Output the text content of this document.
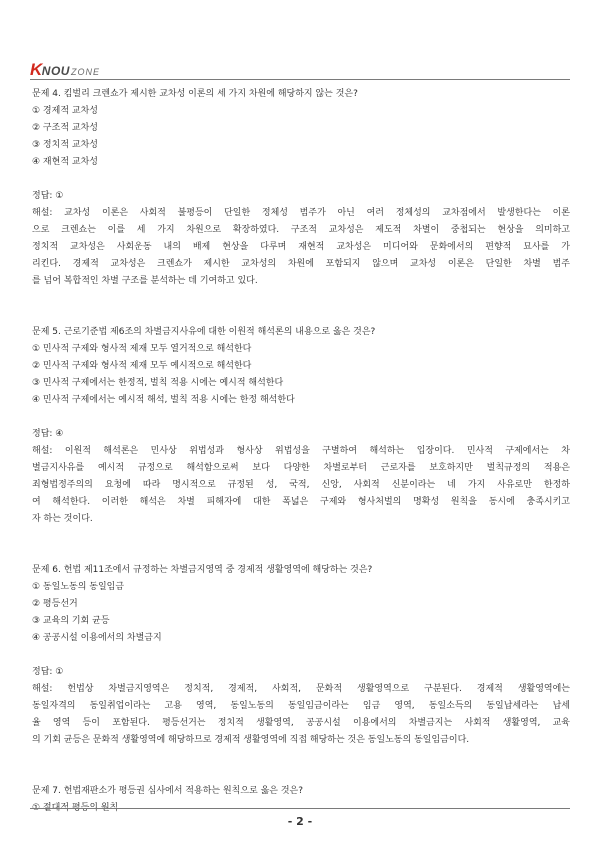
K NOU ZONE
문제 4. 킴벌리 크렌쇼가 제시한 교차성 이론의 세 가지 차원에 해당하지 않는 것은?
① 경제적 교차성
② 구조적 교차성
③ 정치적 교차성
④ 재현적 교차성
정답: ①
해설: 교차성 이론은 사회적 불평등이 단일한 정체성 범주가 아닌 여러 정체성의 교차점에서 발생한다는 이론
으로 크렌쇼는 이를 세 가지 차원으로 확장하였다. 구조적 교차성은 제도적 차별이 중첩되는 현상을 의미하고
정치적 교차성은 사회운동 내의 배제 현상을 다루며 재현적 교차성은 미디어와 문화에서의 편향적 묘사를 가
리킨다. 경제적 교차성은 크렌쇼가 제시한 교차성의 차원에 포함되지 않으며 교차성 이론은 단일한 차별 범주
를 넘어 복합적인 차별 구조를 분석하는 데 기여하고 있다.
문제 5. 근로기준법 제6조의 차별금지사유에 대한 이원적 해석론의 내용으로 옳은 것은?
① 민사적 구제와 형사적 제재 모두 열거적으로 해석한다
② 민사적 구제와 형사적 제재 모두 예시적으로 해석한다
③ 민사적 구제에서는 한정적, 벌칙 적용 시에는 예시적 해석한다
④ 민사적 구제에서는 예시적 해석, 벌칙 적용 시에는 한정 해석한다
정답: ④
해설: 이원적 해석론은 민사상 위법성과 형사상 위법성을 구별하여 해석하는 입장이다. 민사적 구제에서는 차
별금지사유를 예시적 규정으로 해석함으로써 보다 다양한 차별로부터 근로자를 보호하지만 벌칙규정의 적용은
죄형법정주의의 요청에 따라 명시적으로 규정된 성, 국적, 신앙, 사회적 신분이라는 네 가지 사유로만 한정하
여 해석한다. 이러한 해석은 차별 피해자에 대한 폭넓은 구제와 형사처벌의 명확성 원칙을 동시에 충족시키고
자 하는 것이다.
문제 6. 헌법 제11조에서 규정하는 차별금지영역 중 경제적 생활영역에 해당하는 것은?
① 동일노동의 동일임금
② 평등선거
③ 교육의 기회 균등
④ 공공시설 이용에서의 차별금지
정답: ①
해설: 헌법상 차별금지영역은 정치적, 경제적, 사회적, 문화적 생활영역으로 구분된다. 경제적 생활영역에는
동일자격의 동일취업이라는 고용 영역, 동일노동의 동일임금이라는 임금 영역, 동일소득의 동일납세라는 납세
율 영역 등이 포함된다. 평등선거는 정치적 생활영역, 공공시설 이용에서의 차별금지는 사회적 생활영역, 교육
의 기회 균등은 문화적 생활영역에 해당하므로 경제적 생활영역에 직접 해당하는 것은 동일노동의 동일임금이다.
문제 7. 헌법재판소가 평등권 심사에서 적용하는 원칙으로 옳은 것은?
① 절대적 평등의 원칙
- 2 -
